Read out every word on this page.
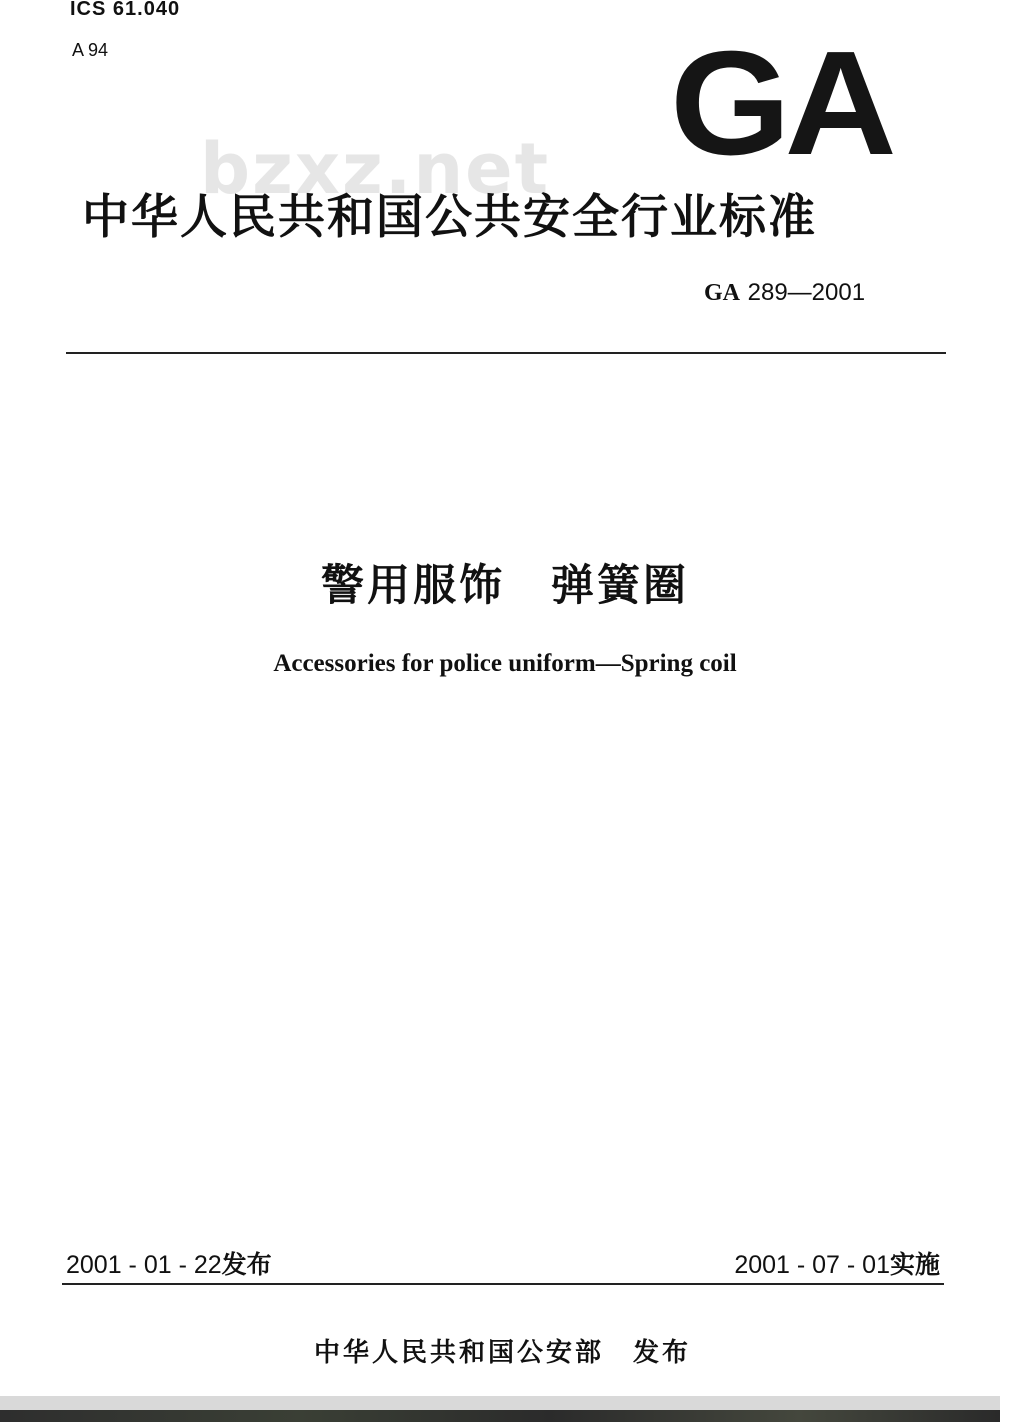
ICS 61.040
A 94	GA
bzxz.net
中华人民共和国公共安全行业标准
GA 289—2001
警用服饰　弹簧圈
Accessories for police uniform—Spring coil
2001 - 01 - 22发布	2001 - 07 - 01实施
中华人民共和国公安部　发布
